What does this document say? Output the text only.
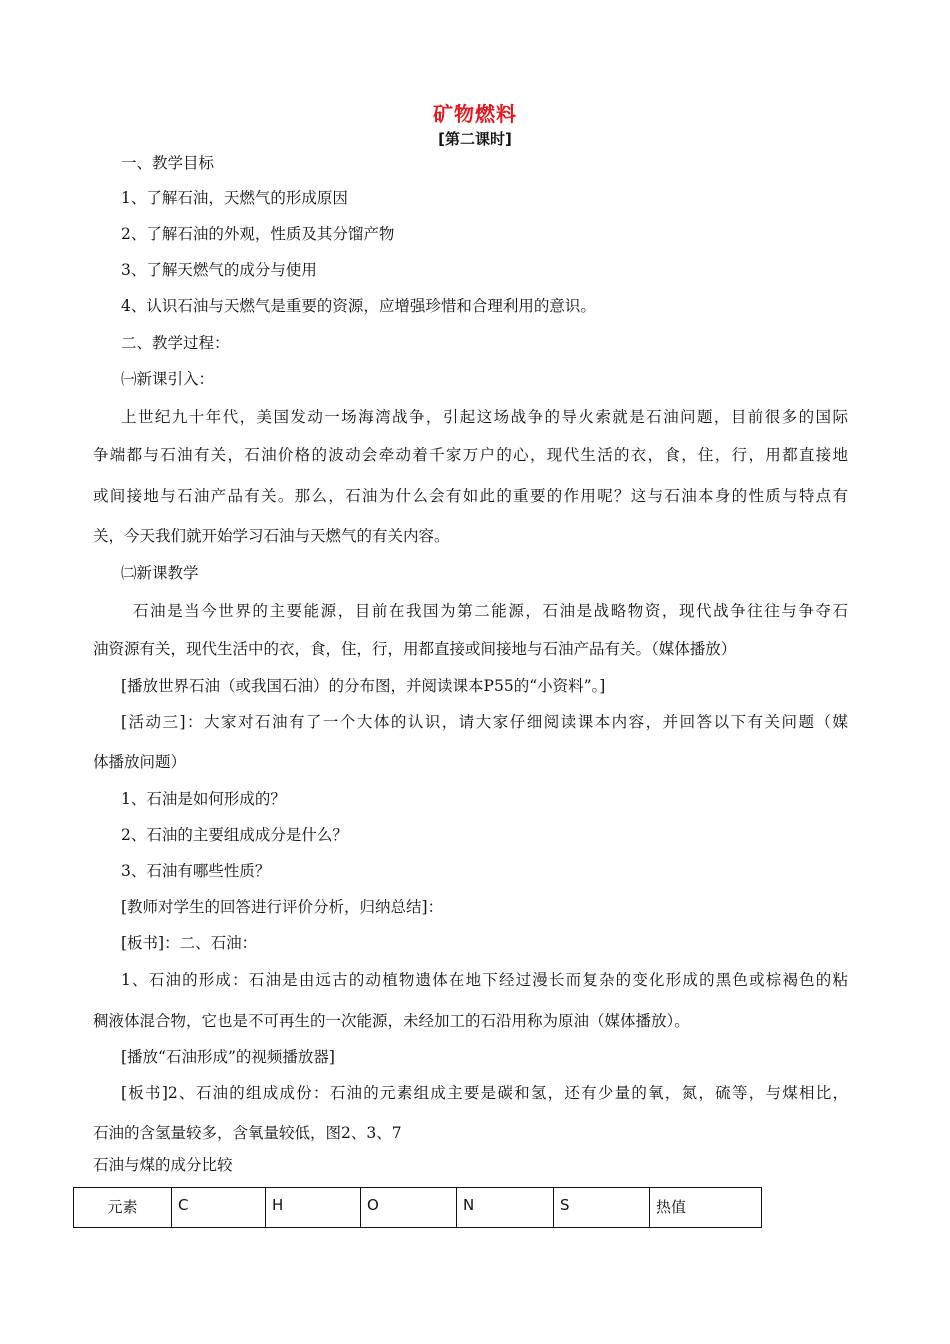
矿物燃料
[第二课时]
一、教学目标
1、了解石油，天燃气的形成原因
2、了解石油的外观，性质及其分馏产物
3、了解天燃气的成分与使用
4、认识石油与天燃气是重要的资源，应增强珍惜和合理利用的意识。
二、教学过程：
㈠新课引入：
上世纪九十年代，美国发动一场海湾战争，引起这场战争的导火索就是石油问题，目前很多的国际
争端都与石油有关，石油价格的波动会牵动着千家万户的心，现代生活的衣，食，住，行，用都直接地
或间接地与石油产品有关。那么，石油为什么会有如此的重要的作用呢？这与石油本身的性质与特点有
关，今天我们就开始学习石油与天燃气的有关内容。
㈡新课教学
石油是当今世界的主要能源，目前在我国为第二能源，石油是战略物资，现代战争往往与争夺石
油资源有关，现代生活中的衣，食，住，行，用都直接或间接地与石油产品有关。（媒体播放）
[播放世界石油（或我国石油）的分布图，并阅读课本P55的“小资料”。]
[活动三]：大家对石油有了一个大体的认识，请大家仔细阅读课本内容，并回答以下有关问题（媒
体播放问题）
1、石油是如何形成的？
2、石油的主要组成成分是什么？
3、石油有哪些性质？
[教师对学生的回答进行评价分析，归纳总结]：
[板书]：二、石油：
1、石油的形成：石油是由远古的动植物遗体在地下经过漫长而复杂的变化形成的黑色或棕褐色的粘
稠液体混合物，它也是不可再生的一次能源，未经加工的石沿用称为原油（媒体播放）。
[播放“石油形成”的视频播放器]
[板书]2、石油的组成成份：石油的元素组成主要是碳和氢，还有少量的氧，氮，硫等，与煤相比，
石油的含氢量较多，含氧量较低，图2、3、7
石油与煤的成分比较
元素	C	H	O	N	S	热值
